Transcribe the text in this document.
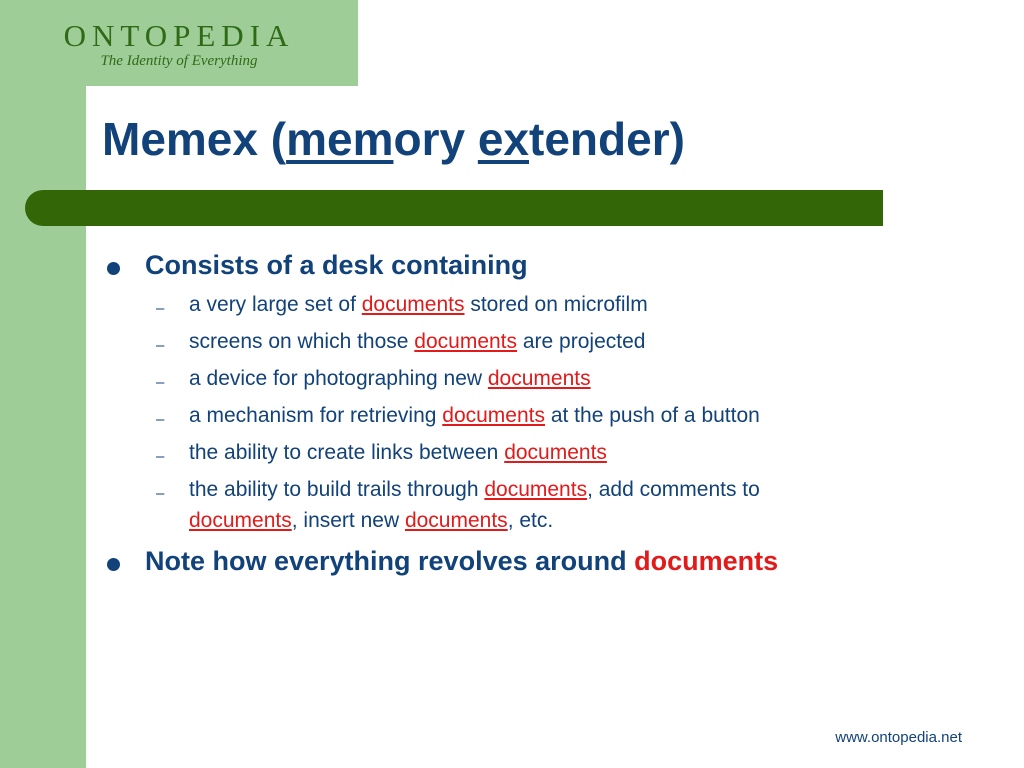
ONTOPEDIA
The Identity of Everything
Memex (memory extender)
Consists of a desk containing
– a very large set of documents stored on microfilm
– screens on which those documents are projected
– a device for photographing new documents
– a mechanism for retrieving documents at the push of a button
– the ability to create links between documents
– the ability to build trails through documents, add comments to
documents, insert new documents, etc.
Note how everything revolves around documents
www.ontopedia.net
